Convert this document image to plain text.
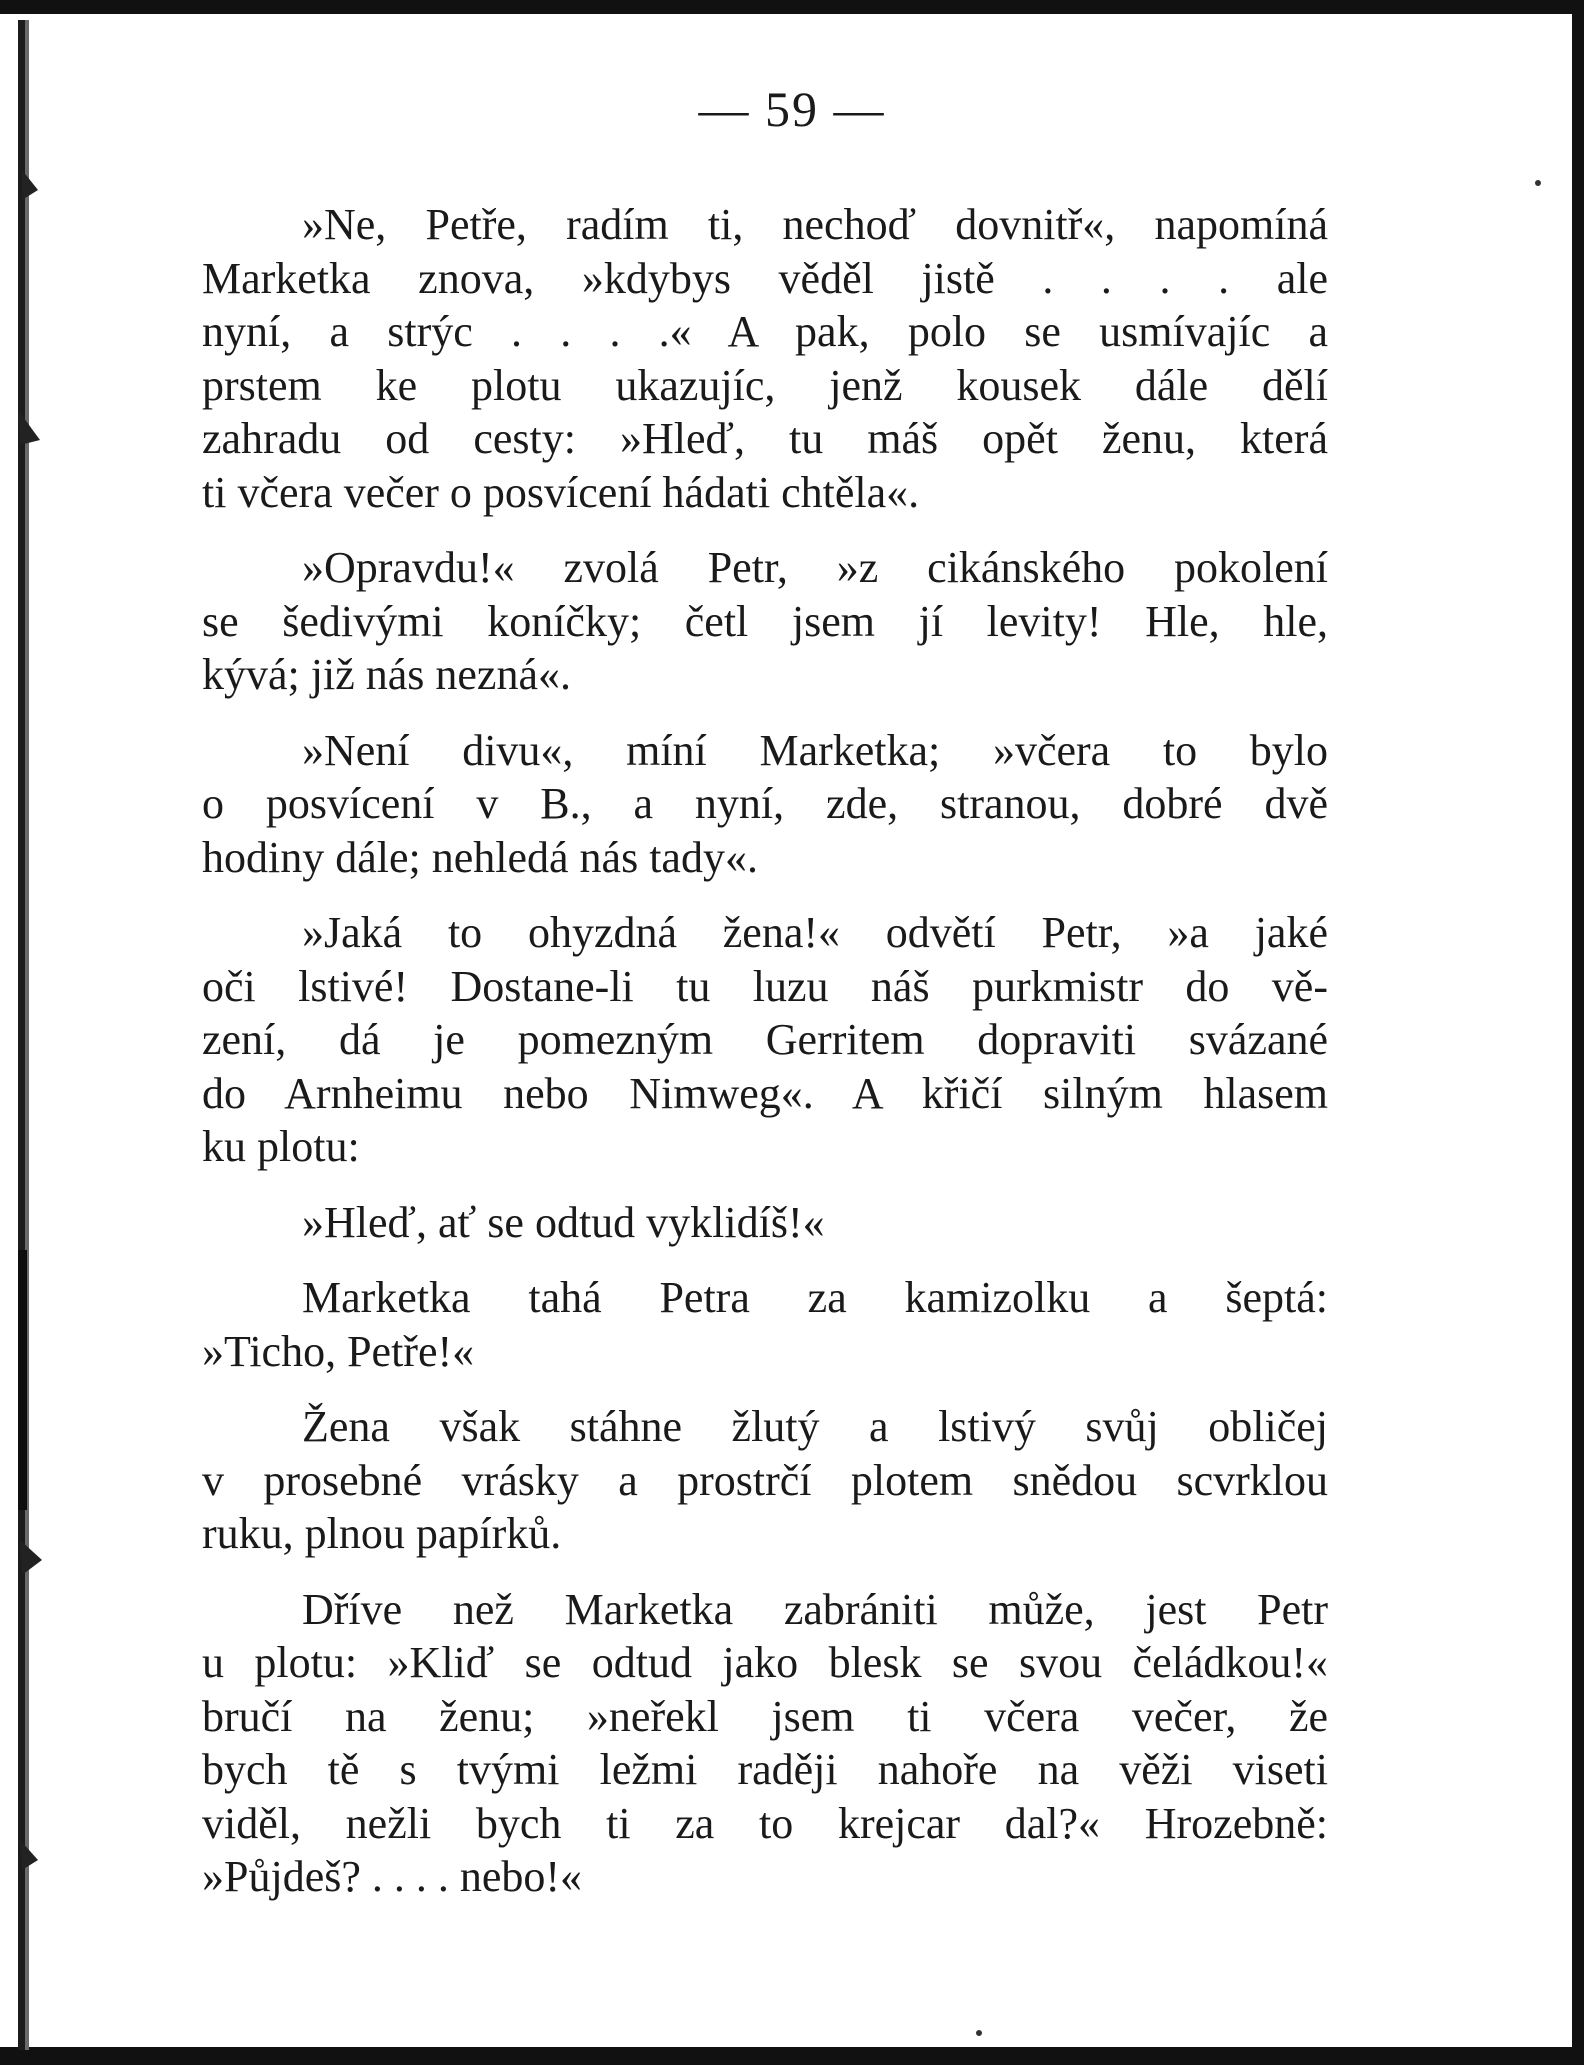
— 59 —
»Ne, Petře, radím ti, nechoď dovnitř«, napomíná
Marketka znova, »kdybys věděl jistě . . . . ale
nyní, a strýc . . . .« A pak, polo se usmívajíc a
prstem ke plotu ukazujíc, jenž kousek dále dělí
zahradu od cesty: »Hleď, tu máš opět ženu, která
ti včera večer o posvícení hádati chtěla«.
»Opravdu!« zvolá Petr, »z cikánského pokolení
se šedivými koníčky; četl jsem jí levity! Hle, hle,
kývá; již nás nezná«.
»Není divu«, míní Marketka; »včera to bylo
o posvícení v B., a nyní, zde, stranou, dobré dvě
hodiny dále; nehledá nás tady«.
»Jaká to ohyzdná žena!« odvětí Petr, »a jaké
oči lstivé! Dostane-li tu luzu náš purkmistr do vě-
zení, dá je pomezným Gerritem dopraviti svázané
do Arnheimu nebo Nimweg«. A křičí silným hlasem
ku plotu:
»Hleď, ať se odtud vyklidíš!«
Marketka tahá Petra za kamizolku a šeptá:
»Ticho, Petře!«
Žena však stáhne žlutý a lstivý svůj obličej
v prosebné vrásky a prostrčí plotem snědou scvrklou
ruku, plnou papírků.
Dříve než Marketka zabrániti může, jest Petr
u plotu: »Kliď se odtud jako blesk se svou čeládkou!«
bručí na ženu; »neřekl jsem ti včera večer, že
bych tě s tvými ležmi raději nahoře na věži viseti
viděl, nežli bych ti za to krejcar dal?« Hrozebně:
»Půjdeš? . . . . nebo!«
